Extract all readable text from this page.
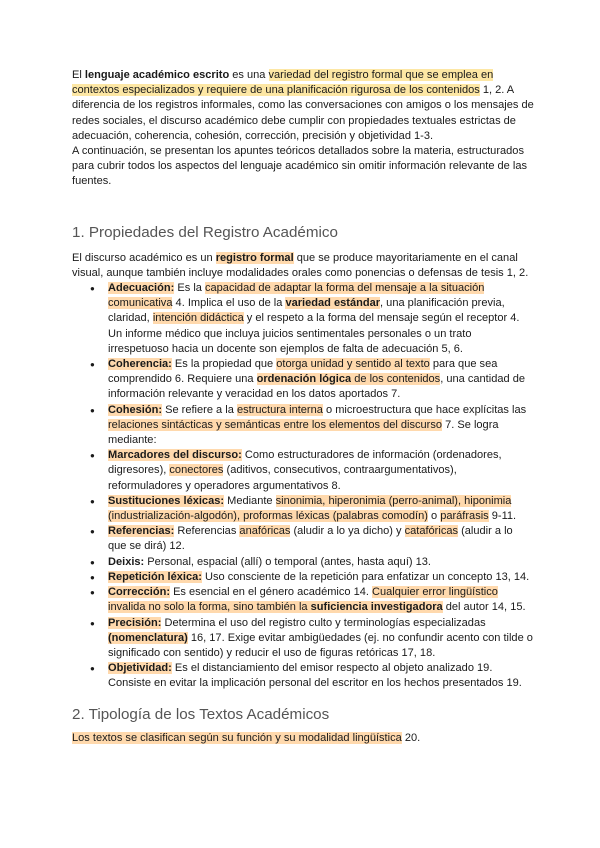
El lenguaje académico escrito es una variedad del registro formal que se emplea en contextos especializados y requiere de una planificación rigurosa de los contenidos 1, 2. A diferencia de los registros informales, como las conversaciones con amigos o los mensajes de redes sociales, el discurso académico debe cumplir con propiedades textuales estrictas de adecuación, coherencia, cohesión, corrección, precisión y objetividad 1-3.

A continuación, se presentan los apuntes teóricos detallados sobre la materia, estructurados para cubrir todos los aspectos del lenguaje académico sin omitir información relevante de las fuentes.

1. Propiedades del Registro Académico

El discurso académico es un registro formal que se produce mayoritariamente en el canal visual, aunque también incluye modalidades orales como ponencias o defensas de tesis 1, 2.

● Adecuación: Es la capacidad de adaptar la forma del mensaje a la situación comunicativa 4. Implica el uso de la variedad estándar, una planificación previa, claridad, intención didáctica y el respeto a la forma del mensaje según el receptor 4. Un informe médico que incluya juicios sentimentales personales o un trato irrespetuoso hacia un docente son ejemplos de falta de adecuación 5, 6.
● Coherencia: Es la propiedad que otorga unidad y sentido al texto para que sea comprendido 6. Requiere una ordenación lógica de los contenidos, una cantidad de información relevante y veracidad en los datos aportados 7.
● Cohesión: Se refiere a la estructura interna o microestructura que hace explícitas las relaciones sintácticas y semánticas entre los elementos del discurso 7. Se logra mediante:
● Marcadores del discurso: Como estructuradores de información (ordenadores, digresores), conectores (aditivos, consecutivos, contraargumentativos), reformuladores y operadores argumentativos 8.
● Sustituciones léxicas: Mediante sinonimia, hiperonimia (perro-animal), hiponimia (industrialización-algodón), proformas léxicas (palabras comodín) o paráfrasis 9-11.
● Referencias: Referencias anafóricas (aludir a lo ya dicho) y catafóricas (aludir a lo que se dirá) 12.
● Deixis: Personal, espacial (allí) o temporal (antes, hasta aquí) 13.
● Repetición léxica: Uso consciente de la repetición para enfatizar un concepto 13, 14.
● Corrección: Es esencial en el género académico 14. Cualquier error lingüístico invalida no solo la forma, sino también la suficiencia investigadora del autor 14, 15.
● Precisión: Determina el uso del registro culto y terminologías especializadas (nomenclatura) 16, 17. Exige evitar ambigüedades (ej. no confundir acento con tilde o significado con sentido) y reducir el uso de figuras retóricas 17, 18.
● Objetividad: Es el distanciamiento del emisor respecto al objeto analizado 19. Consiste en evitar la implicación personal del escritor en los hechos presentados 19.
2. Tipología de los Textos Académicos

Los textos se clasifican según su función y su modalidad lingüística 20.
